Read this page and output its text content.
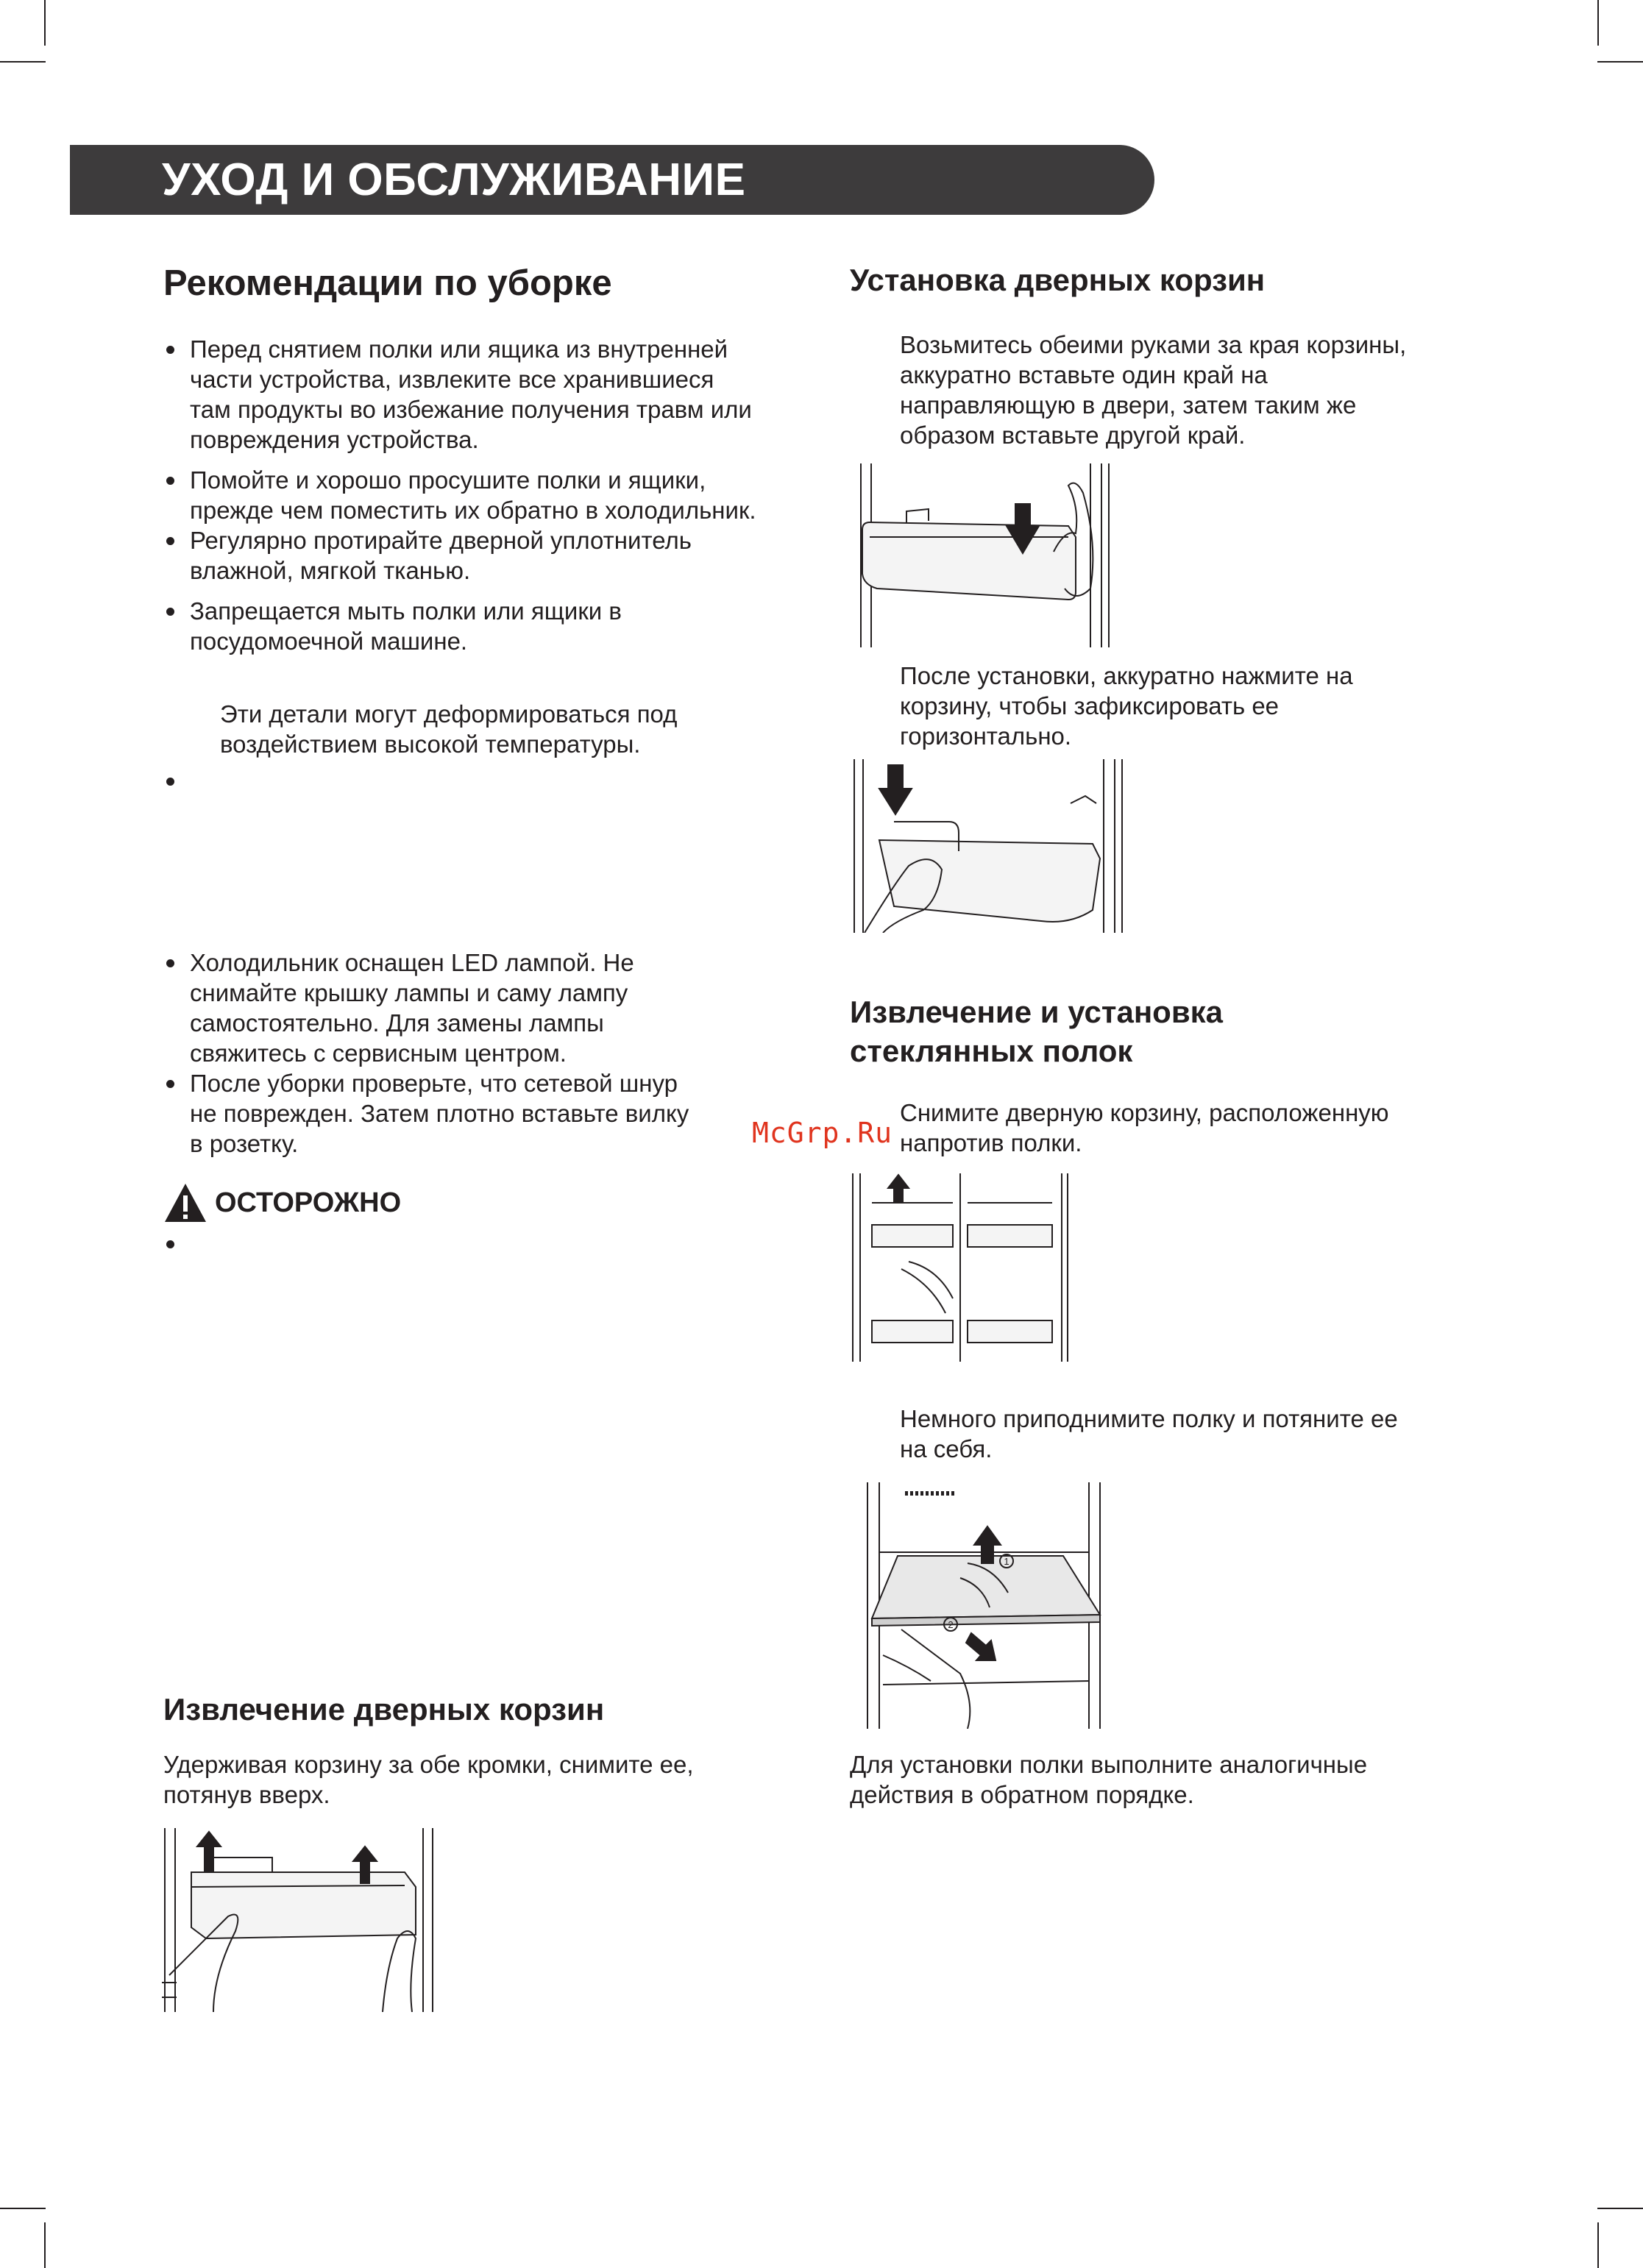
УХОД И ОБСЛУЖИВАНИЕ
Рекомендации по уборке
Перед снятием полки или ящика из внутренней части устройства, извлеките все хранившиеся там продукты во избежание получения травм или повреждения устройства.
Помойте и хорошо просушите полки и ящики, прежде чем поместить их обратно в холодильник.
Регулярно протирайте дверной уплотнитель влажной, мягкой тканью.
Запрещается мыть полки или ящики в посудомоечной машине.

Эти детали могут деформироваться под воздействием высокой температуры.

Холодильник оснащен LED лампой. Не снимайте крышку лампы и саму лампу самостоятельно. Для замены лампы свяжитесь с сервисным центром.
После уборки проверьте, что сетевой шнур не поврежден. Затем плотно вставьте вилку в розетку.
ОСТОРОЖНО
Извлечение дверных корзин

Удерживая корзину за обе кромки, снимите ее, потянув вверх.

Установка дверных корзин

Возьмитесь обеими руками за края корзины, аккуратно вставьте один край на направляющую в двери, затем таким же образом вставьте другой край.

После установки, аккуратно нажмите на корзину, чтобы зафиксировать ее горизонтально.

Извлечение и установка стеклянных полок
McGrp.Ru

Снимите дверную корзину, расположенную напротив полки.

Немного приподнимите полку и потяните ее на себя.

1
2

Для установки полки выполните аналогичные действия в обратном порядке.
